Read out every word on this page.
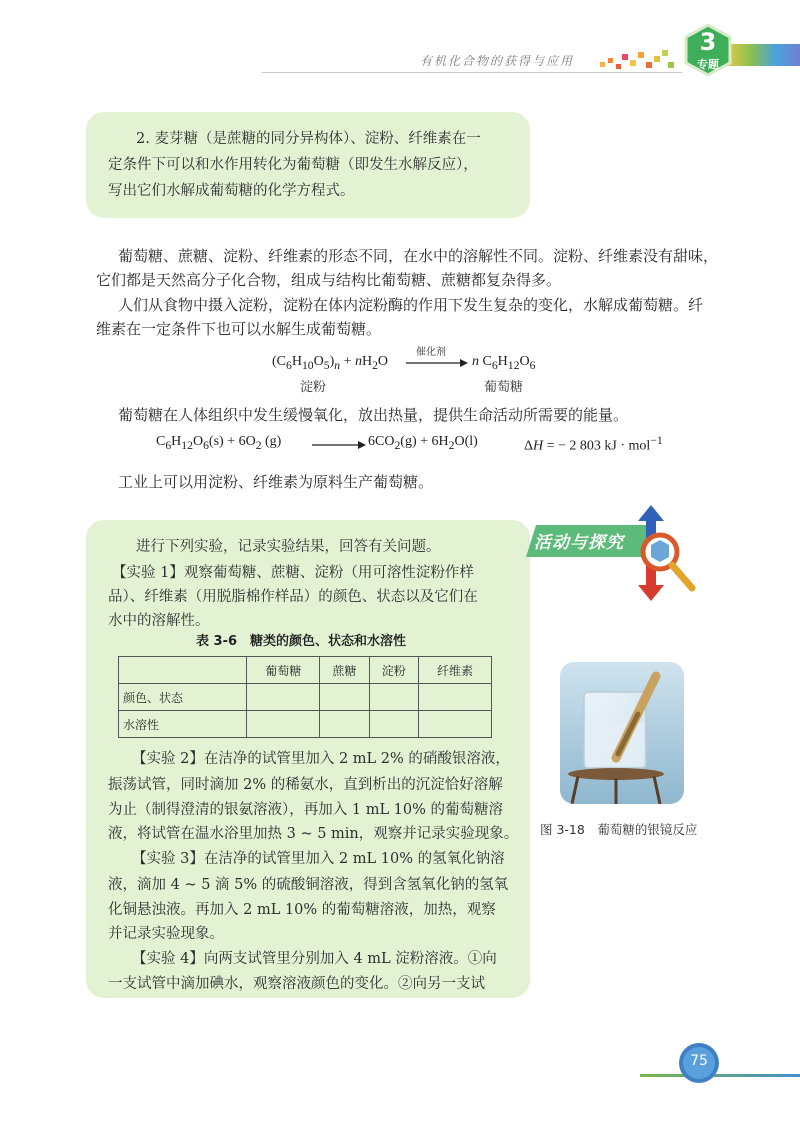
有机化合物的获得与应用
3
专题
2. 麦芽糖（是蔗糖的同分异构体）、淀粉、纤维素在一
定条件下可以和水作用转化为葡萄糖（即发生水解反应），
写出它们水解成葡萄糖的化学方程式。
葡萄糖、蔗糖、淀粉、纤维素的形态不同，在水中的溶解性不同。淀粉、纤维素没有甜味，
它们都是天然高分子化合物，组成与结构比葡萄糖、蔗糖都复杂得多。
人们从食物中摄入淀粉，淀粉在体内淀粉酶的作用下发生复杂的变化，水解成葡萄糖。纤
维素在一定条件下也可以水解生成葡萄糖。
$(C_6H_{10}O_5)_n + nH_2O$
催化剂
→ n $C_6H_{12}O_6$
淀粉	葡萄糖
葡萄糖在人体组织中发生缓慢氧化，放出热量，提供生命活动所需要的能量。
$C_6H_{12}O_6(s) + 6O_2$ (g)	$6CO_2(g) + 6H_2O(l)$	ΔH = − 2 803 kJ · mol$^{-1}$
工业上可以用淀粉、纤维素为原料生产葡萄糖。
活动与探究
进行下列实验，记录实验结果，回答有关问题。
【实验 1】观察葡萄糖、蔗糖、淀粉（用可溶性淀粉作样
品）、纤维素（用脱脂棉作样品）的颜色、状态以及它们在
水中的溶解性。
表 3-6　糖类的颜色、状态和水溶性
	葡萄糖	蔗糖	淀粉	纤维素
颜色、状态				
水溶性				
【实验 2】在洁净的试管里加入 2 mL 2% 的硝酸银溶液，
振荡试管，同时滴加 2% 的稀氨水，直到析出的沉淀恰好溶解
为止（制得澄清的银氨溶液），再加入 1 mL 10% 的葡萄糖溶
液，将试管在温水浴里加热 3 ~ 5 min，观察并记录实验现象。
【实验 3】在洁净的试管里加入 2 mL 10% 的氢氧化钠溶
液，滴加 4 ~ 5 滴 5% 的硫酸铜溶液，得到含氢氧化钠的氢氧
化铜悬浊液。再加入 2 mL 10% 的葡萄糖溶液，加热，观察
并记录实验现象。
【实验 4】向两支试管里分别加入 4 mL 淀粉溶液。①向
一支试管中滴加碘水，观察溶液颜色的变化。②向另一支试
图 3-18　葡萄糖的银镜反应
75
